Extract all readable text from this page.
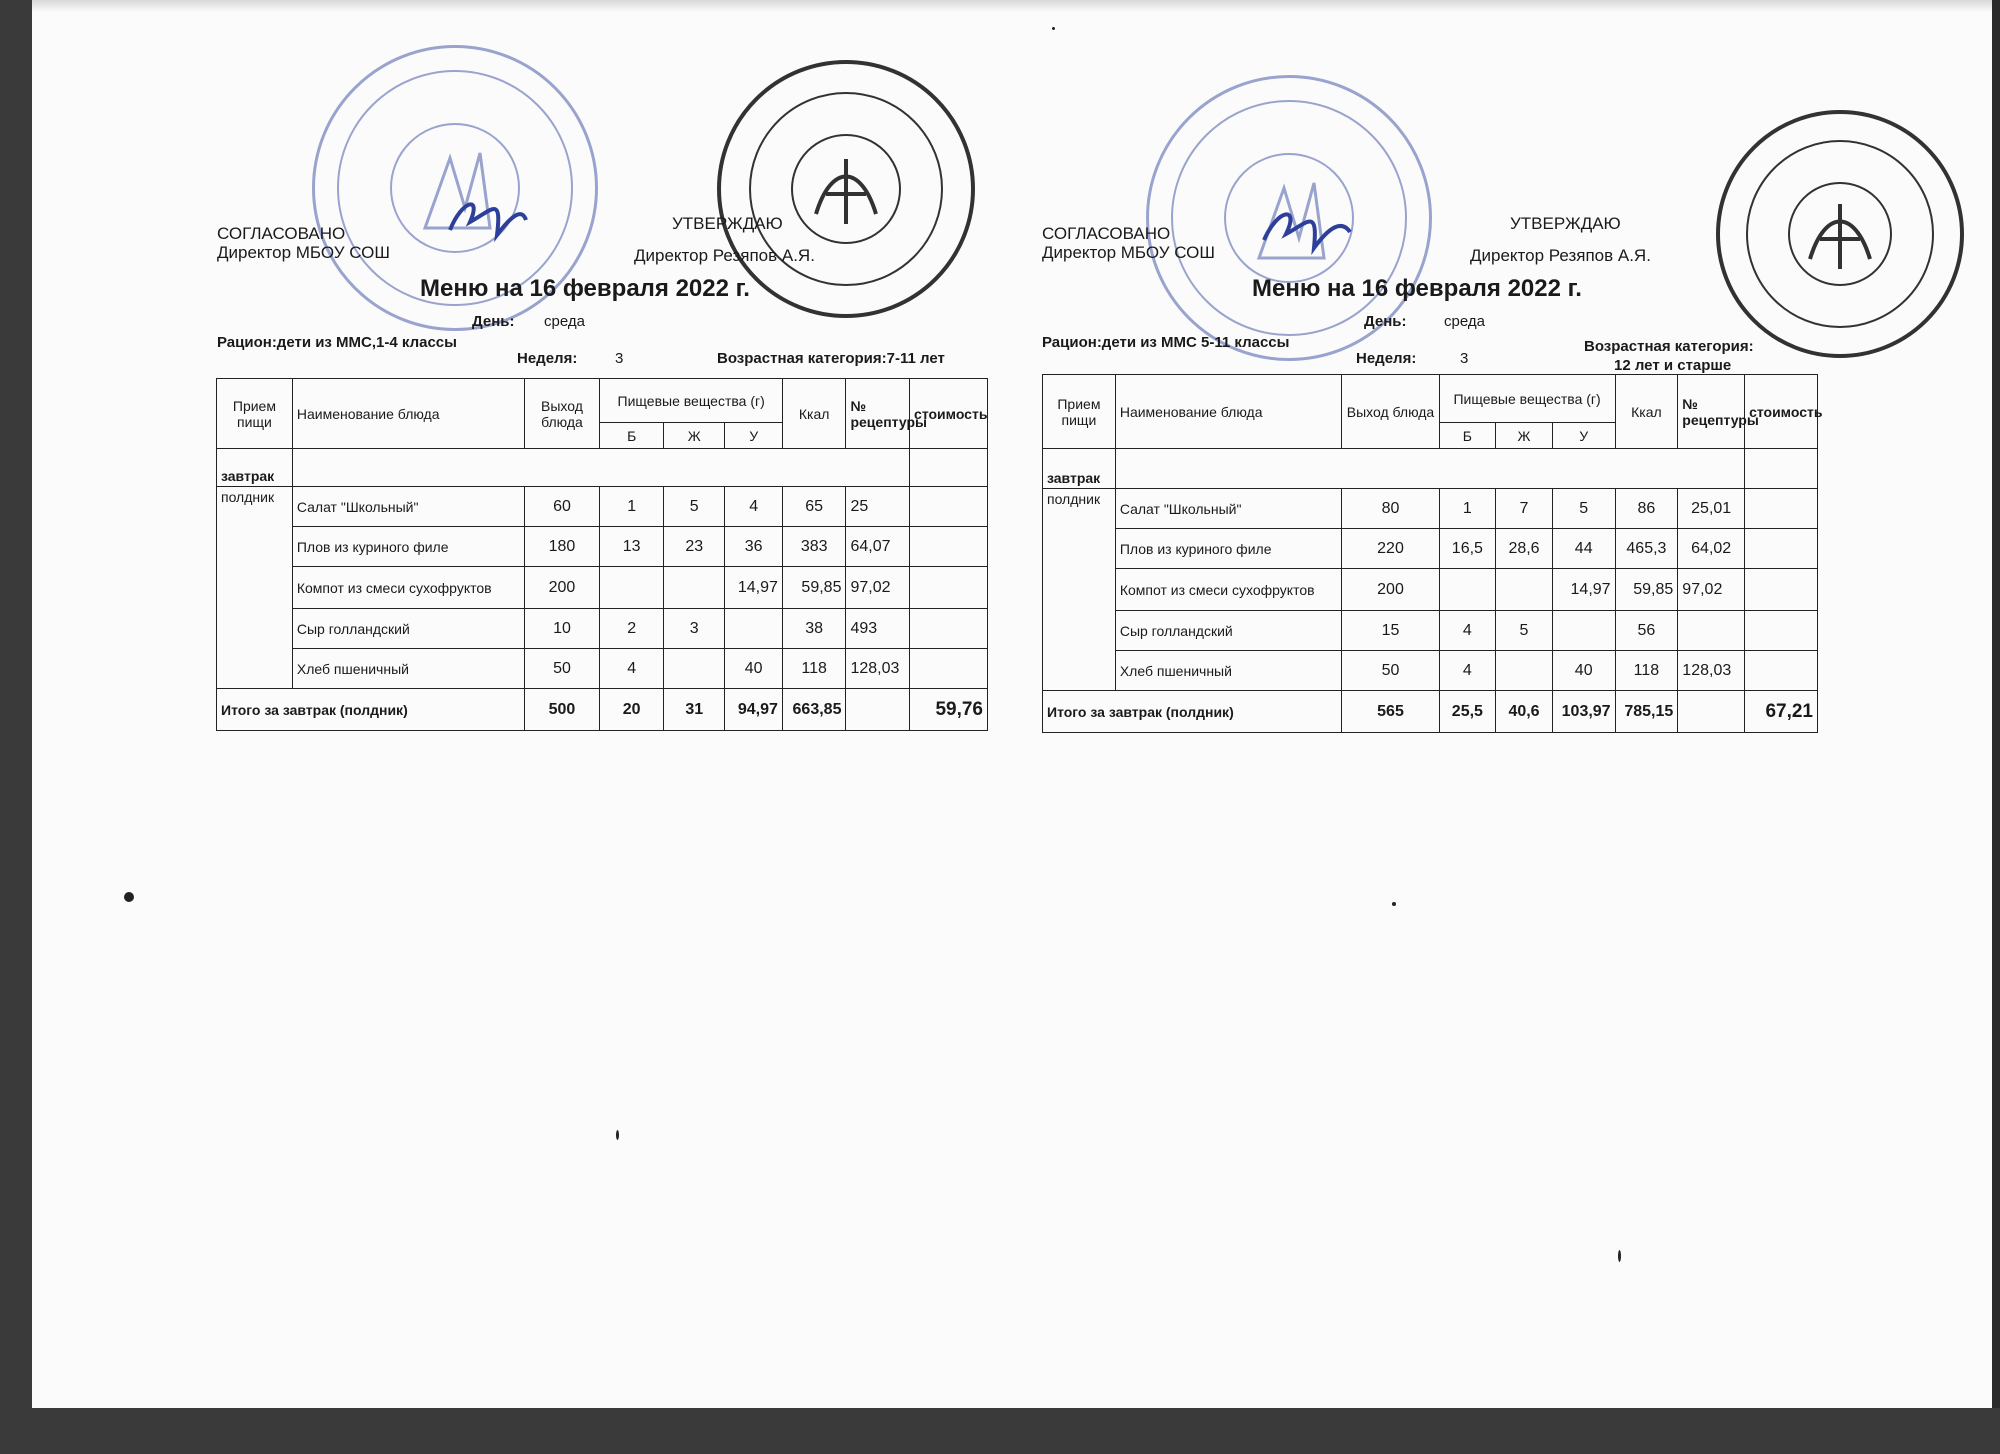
СОГЛАСОВАНО
Директор МБОУ СОШ
УТВЕРЖДАЮ
Директор Резяпов А.Я.
Меню на 16 февраля 2022 г.
День: среда
Рацион:дети из МMC,1-4 классы
Неделя:	3	Возрастная категория:7-11 лет
Прием пищи	Наименование блюда	Выход блюда	Пищевые вещества (г)			Ккал	№ рецептуры	стоимость
			Б	Ж	У			
завтрак								
полдник	Салат "Школьный"	60	1	5	4	65	25	
	Плов из куриного филе	180	13	23	36	383	64,07	
	Компот из смеси сухофруктов	200			14,97	59,85	97,02	
	Сыр голландский	10	2	3		38	493	
	Хлеб пшеничный	50	4		40	118	128,03	
Итого за завтрак (полдник)		500	20	31	94,97	663,85		59,76
СОГЛАСОВАНО
Директор МБОУ СОШ
УТВЕРЖДАЮ
Директор Резяпов А.Я.
Меню на 16 февраля 2022 г.
День:	среда
Рацион:дети из МMC 5-11 классы
Неделя:	3
Возрастная категория:
12 лет и старше
Прием пищи	Наименование блюда	Выход блюда	Пищевые вещества (г)			Ккал	№ рецептуры	стоимость
			Б	Ж	У			
завтрак								
полдник	Салат "Школьный"	80	1	7	5	86	25,01	
	Плов из куриного филе	220	16,5	28,6	44	465,3	64,02	
	Компот из смеси сухофруктов	200			14,97	59,85	97,02	
	Сыр голландский	15	4	5		56		
	Хлеб пшеничный	50	4		40	118	128,03	
Итого за завтрак (полдник)		565	25,5	40,6	103,97	785,15		67,21
